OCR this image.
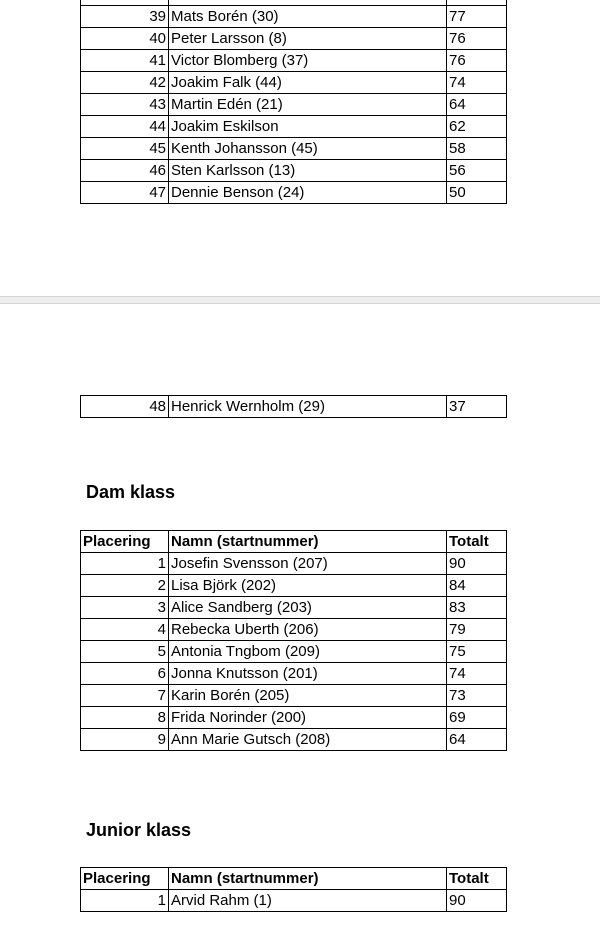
39	Mats Borén (30)	77
40	Peter Larsson (8)	76
41	Victor Blomberg (37)	76
42	Joakim Falk (44)	74
43	Martin Edén (21)	64
44	Joakim Eskilson	62
45	Kenth Johansson (45)	58
46	Sten Karlsson (13)	56
47	Dennie Benson (24)	50
48	Henrick Wernholm (29)	37
Dam klass
Placering	Namn (startnummer)	Totalt
1	Josefin Svensson (207)	90
2	Lisa Björk (202)	84
3	Alice Sandberg (203)	83
4	Rebecka Uberth (206)	79
5	Antonia Tngbom (209)	75
6	Jonna Knutsson (201)	74
7	Karin Borén (205)	73
8	Frida Norinder (200)	69
9	Ann Marie Gutsch (208)	64
Junior klass
Placering	Namn (startnummer)	Totalt
1	Arvid Rahm (1)	90
